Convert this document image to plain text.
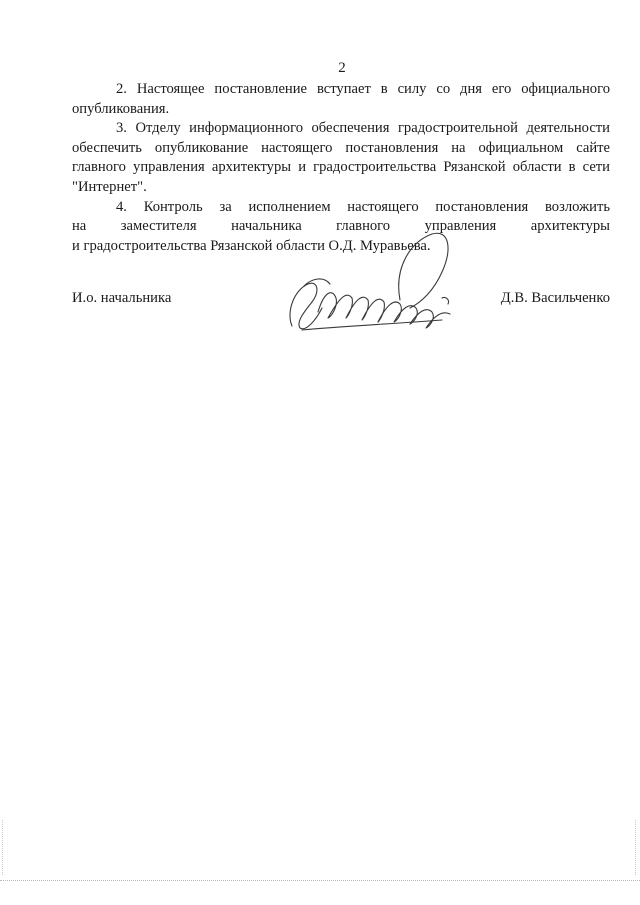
2

2. Настоящее постановление вступает в силу со дня его официального

опубликования.

3. Отделу информационного обеспечения градостроительной деятельности

обеспечить опубликование настоящего постановления на официальном сайте

главного управления архитектуры и градостроительства Рязанской области в сети

"Интернет".

4. Контроль за исполнением настоящего постановления возложить

на заместителя начальника главного управления архитектуры

и градостроительства Рязанской области О.Д. Муравьева.

И.о. начальника	Д.В. Васильченко
